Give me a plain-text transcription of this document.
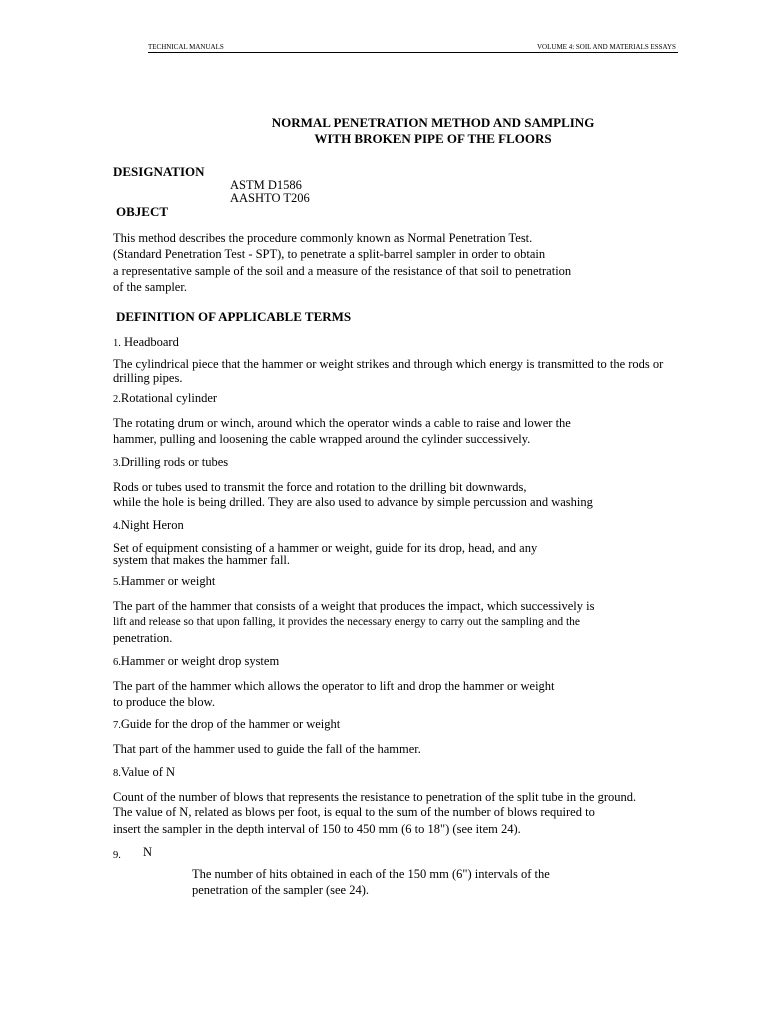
TECHNICAL MANUALS	VOLUME 4: SOIL AND MATERIALS ESSAYS
NORMAL PENETRATION METHOD AND SAMPLING
WITH BROKEN PIPE OF THE FLOORS
DESIGNATION
ASTM D1586
AASHTO T206
OBJECT
This method describes the procedure commonly known as Normal Penetration Test.
(Standard Penetration Test - SPT), to penetrate a split-barrel sampler in order to obtain
a representative sample of the soil and a measure of the resistance of that soil to penetration
of the sampler.
DEFINITION OF APPLICABLE TERMS
1. Headboard
The cylindrical piece that the hammer or weight strikes and through which energy is transmitted to the rods or
drilling pipes.
2.Rotational cylinder
The rotating drum or winch, around which the operator winds a cable to raise and lower the
hammer, pulling and loosening the cable wrapped around the cylinder successively.
3.Drilling rods or tubes
Rods or tubes used to transmit the force and rotation to the drilling bit downwards,
while the hole is being drilled. They are also used to advance by simple percussion and washing
4.Night Heron
Set of equipment consisting of a hammer or weight, guide for its drop, head, and any
system that makes the hammer fall.
5.Hammer or weight
The part of the hammer that consists of a weight that produces the impact, which successively is
lift and release so that upon falling, it provides the necessary energy to carry out the sampling and the
penetration.
6.Hammer or weight drop system
The part of the hammer which allows the operator to lift and drop the hammer or weight
to produce the blow.
7.Guide for the drop of the hammer or weight
That part of the hammer used to guide the fall of the hammer.
8.Value of N
Count of the number of blows that represents the resistance to penetration of the split tube in the ground.
The value of N, related as blows per foot, is equal to the sum of the number of blows required to
insert the sampler in the depth interval of 150 to 450 mm (6 to 18") (see item 24).
9. N
The number of hits obtained in each of the 150 mm (6") intervals of the
penetration of the sampler (see 24).
